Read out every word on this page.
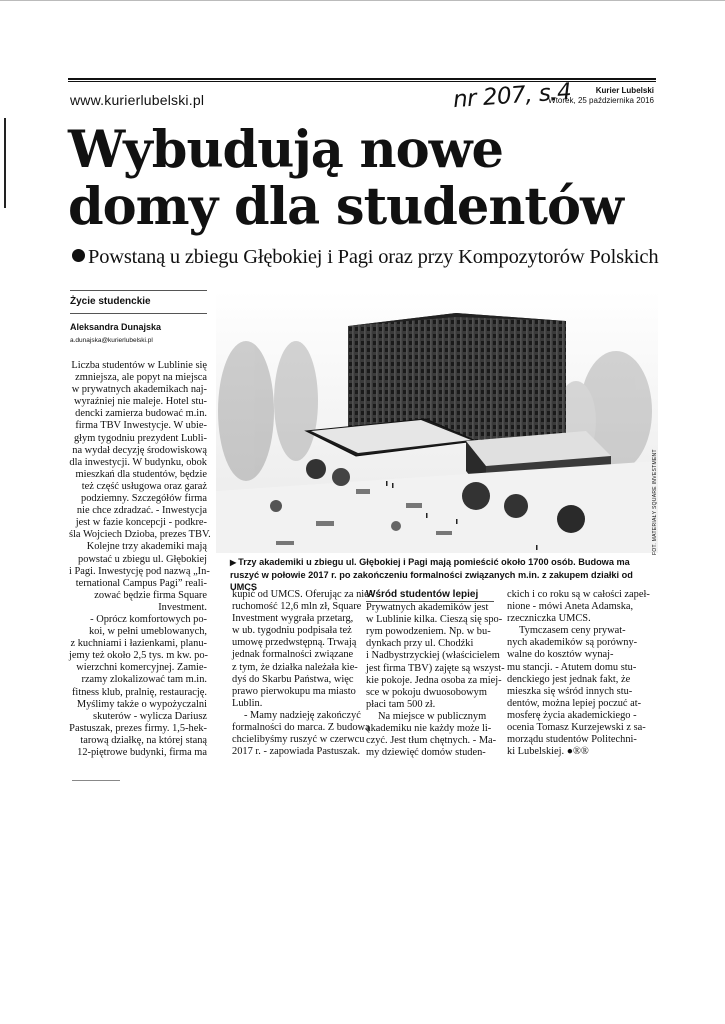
www.kurierlubelski.pl	nr 207, s.4	Kurier Lubelski
Wtorek, 25 października 2016
Wybudują nowe
domy dla studentów
Powstaną u zbiegu Głębokiej i Pagi oraz przy Kompozytorów Polskich
Życie studenckie
Aleksandra Dunajska
a.dunajska@kurierlubelski.pl
Liczba studentów w Lublinie się
zmniejsza, ale popyt na miejsca
w prywatnych akademikach naj-
wyraźniej nie maleje. Hotel stu-
dencki zamierza budować m.in.
firma TBV Inwestycje. W ubie-
głym tygodniu prezydent Lubli-
na wydał decyzję środowiskową
dla inwestycji. W budynku, obok
mieszkań dla studentów, będzie
też część usługowa oraz garaż
podziemny. Szczegółów firma
nie chce zdradzać. - Inwestycja
jest w fazie koncepcji - podkre-
śla Wojciech Dzioba, prezes TBV.
Kolejne trzy akademiki mają
powstać u zbiegu ul. Głębokiej
i Pagi. Inwestycję pod nazwą „In-
ternational Campus Pagi” reali-
zować będzie firma Square
Investment.
- Oprócz komfortowych po-
koi, w pełni umeblowanych,
z kuchniami i łazienkami, planu-
jemy też około 2,5 tys. m kw. po-
wierzchni komercyjnej. Zamie-
rzamy zlokalizować tam m.in.
fitness klub, pralnię, restaurację.
Myślimy także o wypożyczalni
skuterów - wylicza Dariusz
Pastuszak, prezes firmy. 1,5-hek-
tarową działkę, na której staną
12-piętrowe budynki, firma ma
FOT. MATERIAŁY SQUARE INVESTMENT
▶ Trzy akademiki u zbiegu ul. Głębokiej i Pagi mają pomieścić około 1700 osób. Budowa ma ruszyć w połowie 2017 r. po zakończeniu formalności związanych m.in. z zakupem działki od UMCS
kupić od UMCS. Oferując za nie-
ruchomość 12,6 mln zł, Square
Investment wygrała przetarg,
w ub. tygodniu podpisała też
umowę przedwstępną. Trwają
jednak formalności związane
z tym, że działka należała kie-
dyś do Skarbu Państwa, więc
prawo pierwokupu ma miasto
Lublin.
- Mamy nadzieję zakończyć
formalności do marca. Z budową
chcielibyśmy ruszyć w czerwcu
2017 r. - zapowiada Pastuszak.
Wśród studentów lepiej
Prywatnych akademików jest
w Lublinie kilka. Cieszą się spo-
rym powodzeniem. Np. w bu-
dynkach przy ul. Chodźki
i Nadbystrzyckiej (właścicielem
jest firma TBV) zajęte są wszyst-
kie pokoje. Jedna osoba za miej-
sce w pokoju dwuosobowym
płaci tam 500 zł.
Na miejsce w publicznym
akademiku nie każdy może li-
czyć. Jest tłum chętnych. - Ma-
my dziewięć domów studen-
ckich i co roku są w całości zapeł-
nione - mówi Aneta Adamska,
rzeczniczka UMCS.
Tymczasem ceny prywat-
nych akademików są porówny-
walne do kosztów wynaj-
mu stancji. - Atutem domu stu-
denckiego jest jednak fakt, że
mieszka się wśród innych stu-
dentów, można lepiej poczuć at-
mosferę życia akademickiego -
ocenia Tomasz Kurzejewski z sa-
morządu studentów Politechni-
ki Lubelskiej. ●®®
